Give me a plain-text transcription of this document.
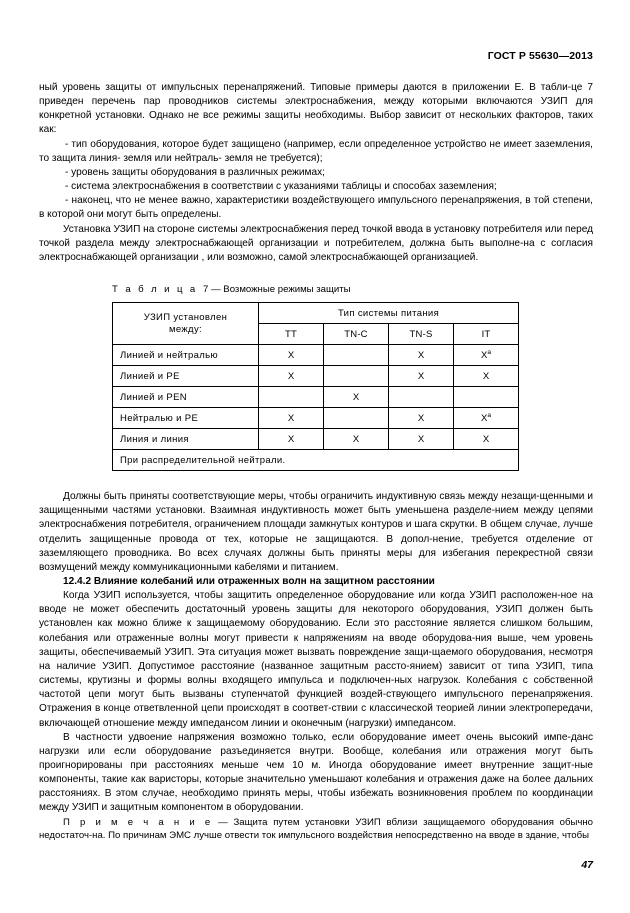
ГОСТ Р 55630—2013

ный уровень защиты от импульсных перенапряжений. Типовые примеры даются в приложении Е. В табли-це 7 приведен перечень пар проводников системы электроснабжения, между которыми включаются УЗИП для конкретной установки. Однако не все режимы защиты необходимы. Выбор зависит от нескольких факторов, таких как:

- тип оборудования, которое будет защищено (например, если определенное устройство не имеет заземления, то защита линия- земля или нейтраль- земля не требуется);

- уровень защиты оборудования в различных режимах;

- система электроснабжения в соответствии с указаниями таблицы и способах заземления;

- наконец, что не менее важно, характеристики воздействующего импульсного перенапряжения, в той степени, в которой они могут быть определены.

Установка УЗИП на стороне системы электроснабжения перед точкой ввода в установку потребителя или перед точкой раздела между электроснабжающей организации и потребителем, должна быть выполне-на с согласия электроснабжающей организации , или возможно, самой электроснабжающей организацией.

Т а б л и ц а 7 — Возможные режимы защиты
УЗИП установлен
между:	Тип системы питания			
	TT	TN-C	TN-S	IT
Линией и нейтралью	X		X	X$^a$
Линией и PE	X		X	X
Линией и PEN		X		
Нейтралью и PE	X		X	X$^a$
Линия и линия	X	X	X	X
При распределительной нейтрали.				

Должны быть приняты соответствующие меры, чтобы ограничить индуктивную связь между незащи-щенными и защищенными частями установки. Взаимная индуктивность может быть уменьшена разделе-нием между цепями электроснабжения потребителя, ограничением площади замкнутых контуров и шага скрутки. В общем случае, лучше отделить защищенные провода от тех, которые не защищаются. В допол-нение, требуется отделение от заземляющего проводника. Во всех случаях должны быть приняты меры для избегания перекрестной связи возмущений между коммуникационными кабелями и питанием.

12.4.2 Влияние колебаний или отраженных волн на защитном расстоянии

Когда УЗИП используется, чтобы защитить определенное оборудование или когда УЗИП расположен-ное на вводе не может обеспечить достаточный уровень защиты для некоторого оборудования, УЗИП должен быть установлен как можно ближе к защищаемому оборудованию. Если это расстояние является слишком большим, колебания или отраженные волны могут привести к напряжениям на вводе оборудова-ния выше, чем уровень защиты, обеспечиваемый УЗИП. Эта ситуация может вызвать повреждение защи-щаемого оборудования, несмотря на наличие УЗИП. Допустимое расстояние (названное защитным рассто-янием) зависит от типа УЗИП, типа системы, крутизны и формы волны входящего импульса и подключен-ных нагрузок. Колебания с собственной частотой цепи могут быть вызваны ступенчатой функцией воздей-ствующего импульсного перенапряжения. Отражения в конце ответвленной цепи происходят в соответ-ствии с классической теорией линии электропередачи, включающей отношение между импедансом линии и оконечным (нагрузки) импедансом.

В частности удвоение напряжения возможно только, если оборудование имеет очень высокий импе-данс нагрузки или если оборудование разъединяется внутри. Вообще, колебания или отражения могут быть проигнорированы при расстояниях меньше чем 10 м. Иногда оборудование имеет внутренние защит-ные компоненты, такие как варисторы, которые значительно уменьшают колебания и отражения даже на более дальних расстояниях. В этом случае, необходимо принять меры, чтобы избежать возникновения проблем по координации между УЗИП и защитным компонентом в оборудовании.

П р и м е ч а н и е — Защита путем установки УЗИП вблизи защищаемого оборудования обычно недостаточ-на. По причинам ЭМС лучше отвести ток импульсного воздействия непосредственно на вводе в здание, чтобы

47
